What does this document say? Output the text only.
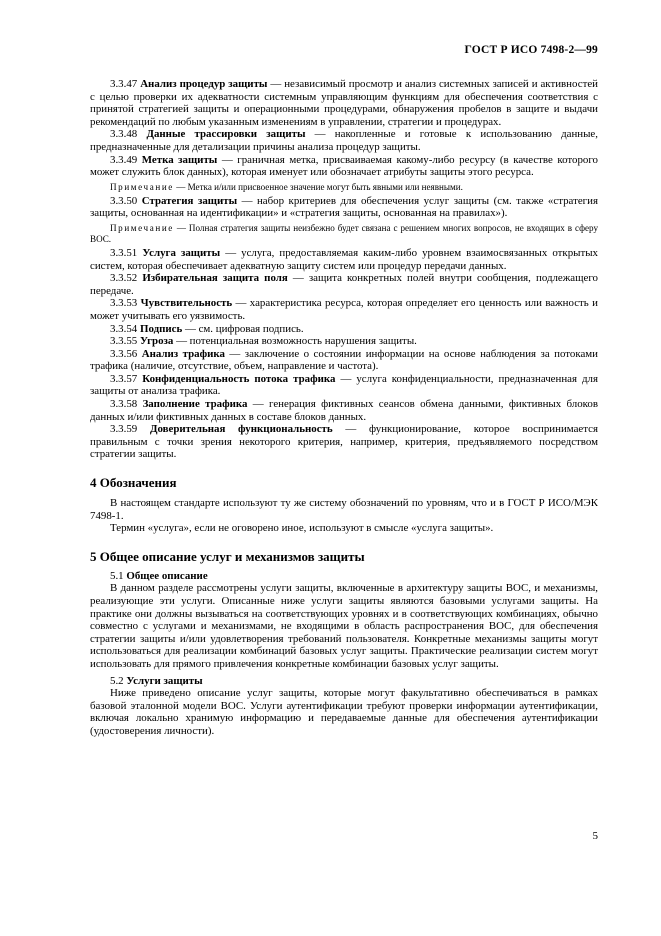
ГОСТ Р ИСО 7498-2—99

3.3.47 Анализ процедур защиты — независимый просмотр и анализ системных записей и активностей с целью проверки их адекватности системным управляющим функциям для обеспечения соответствия с принятой стратегией защиты и операционными процедурами, обнаружения пробелов в защите и выдачи рекомендаций по любым указанным изменениям в управлении, стратегии и процедурах.

3.3.48 Данные трассировки защиты — накопленные и готовые к использованию данные, предназначенные для детализации причины анализа процедур защиты.

3.3.49 Метка защиты — граничная метка, присваиваемая какому-либо ресурсу (в качестве которого может служить блок данных), которая именует или обозначает атрибуты защиты этого ресурса.

Примечание — Метка и/или присвоенное значение могут быть явными или неявными.

3.3.50 Стратегия защиты — набор критериев для обеспечения услуг защиты (см. также «стратегия защиты, основанная на идентификации» и «стратегия защиты, основанная на правилах»).

Примечание — Полная стратегия защиты неизбежно будет связана с решением многих вопросов, не входящих в сферу ВОС.

3.3.51 Услуга защиты — услуга, предоставляемая каким-либо уровнем взаимосвязанных открытых систем, которая обеспечивает адекватную защиту систем или процедур передачи данных.

3.3.52 Избирательная защита поля — защита конкретных полей внутри сообщения, подлежащего передаче.

3.3.53 Чувствительность — характеристика ресурса, которая определяет его ценность или важность и может учитывать его уязвимость.

3.3.54 Подпись — см. цифровая подпись.

3.3.55 Угроза — потенциальная возможность нарушения защиты.

3.3.56 Анализ трафика — заключение о состоянии информации на основе наблюдения за потоками трафика (наличие, отсутствие, объем, направление и частота).

3.3.57 Конфиденциальность потока трафика — услуга конфиденциальности, предназначенная для защиты от анализа трафика.

3.3.58 Заполнение трафика — генерация фиктивных сеансов обмена данными, фиктивных блоков данных и/или фиктивных данных в составе блоков данных.

3.3.59 Доверительная функциональность — функционирование, которое воспринимается правильным с точки зрения некоторого критерия, например, критерия, предъявляемого посредством стратегии защиты.

4 Обозначения

В настоящем стандарте используют ту же систему обозначений по уровням, что и в ГОСТ Р ИСО/МЭК 7498-1.

Термин «услуга», если не оговорено иное, используют в смысле «услуга защиты».

5 Общее описание услуг и механизмов защиты
5.1 Общее описание

В данном разделе рассмотрены услуги защиты, включенные в архитектуру защиты ВОС, и механизмы, реализующие эти услуги. Описанные ниже услуги защиты являются базовыми услугами защиты. На практике они должны вызываться на соответствующих уровнях и в соответствующих комбинациях, обычно совместно с услугами и механизмами, не входящими в область распространения ВОС, для обеспечения стратегии защиты и/или удовлетворения требований пользователя. Конкретные механизмы защиты могут использоваться для реализации комбинаций базовых услуг защиты. Практические реализации систем могут использовать для прямого привлечения конкретные комбинации базовых услуг защиты.

5.2 Услуги защиты

Ниже приведено описание услуг защиты, которые могут факультативно обеспечиваться в рамках базовой эталонной модели ВОС. Услуги аутентификации требуют проверки информации аутентификации, включая локально хранимую информацию и передаваемые данные для обеспечения аутентификации (удостоверения личности).

5
